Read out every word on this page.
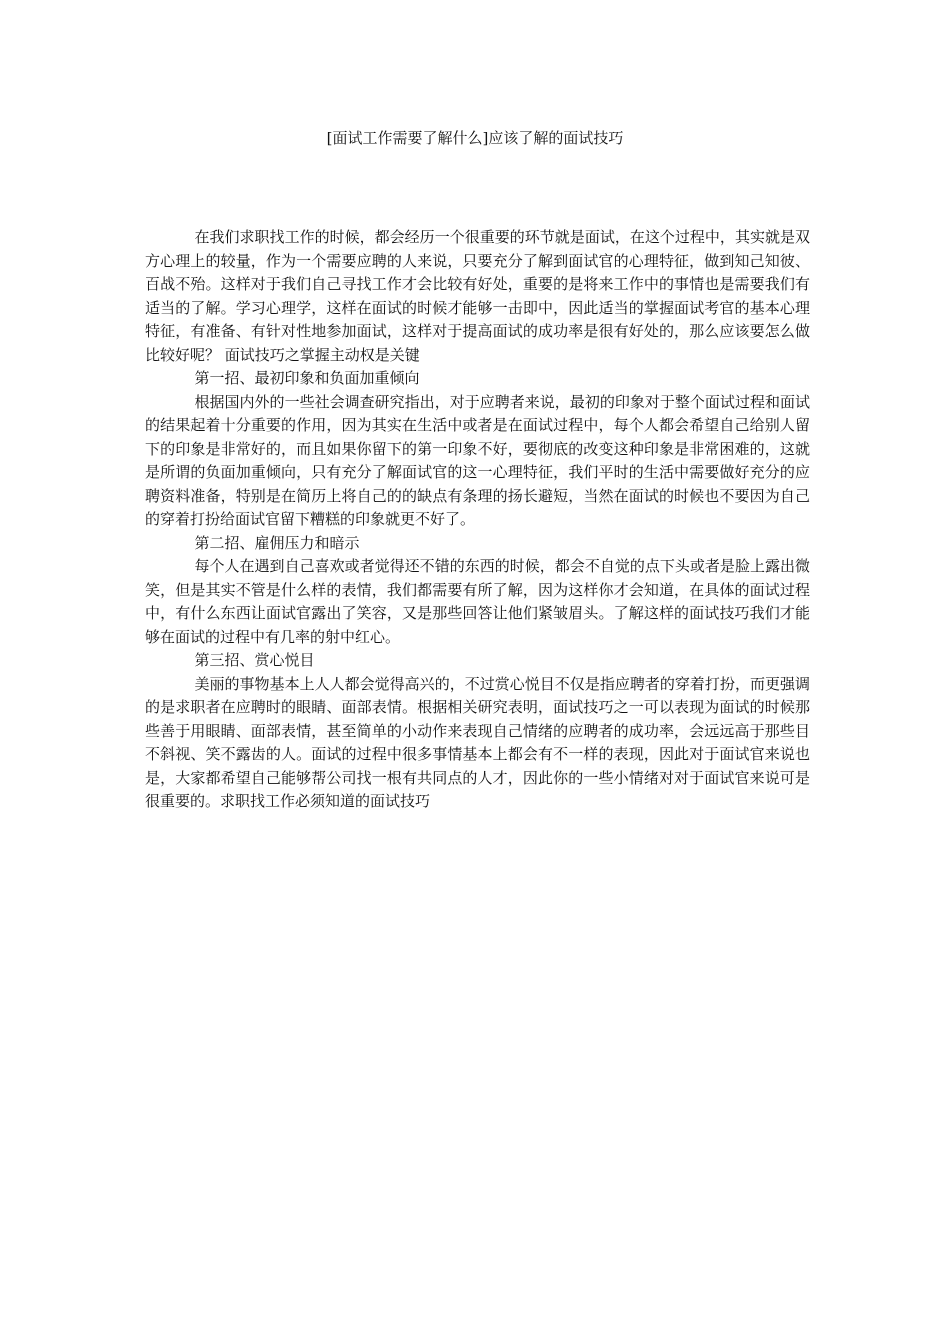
[面试工作需要了解什么]应该了解的面试技巧

在我们求职找工作的时候，都会经历一个很重要的环节就是面试，在这个过程中，其实就是双方心理上的较量，作为一个需要应聘的人来说，只要充分了解到面试官的心理特征，做到知己知彼、百战不殆。这样对于我们自己寻找工作才会比较有好处，重要的是将来工作中的事情也是需要我们有适当的了解。学习心理学，这样在面试的时候才能够一击即中，因此适当的掌握面试考官的基本心理特征，有准备、有针对性地参加面试，这样对于提高面试的成功率是很有好处的，那么应该要怎么做比较好呢？ 面试技巧之掌握主动权是关键

第一招、最初印象和负面加重倾向

根据国内外的一些社会调查研究指出，对于应聘者来说，最初的印象对于整个面试过程和面试的结果起着十分重要的作用，因为其实在生活中或者是在面试过程中，每个人都会希望自己给别人留下的印象是非常好的，而且如果你留下的第一印象不好，要彻底的改变这种印象是非常困难的，这就是所谓的负面加重倾向，只有充分了解面试官的这一心理特征，我们平时的生活中需要做好充分的应聘资料准备，特别是在简历上将自己的的缺点有条理的扬长避短，当然在面试的时候也不要因为自己的穿着打扮给面试官留下糟糕的印象就更不好了。

第二招、雇佣压力和暗示

每个人在遇到自己喜欢或者觉得还不错的东西的时候，都会不自觉的点下头或者是脸上露出微笑，但是其实不管是什么样的表情，我们都需要有所了解，因为这样你才会知道，在具体的面试过程中，有什么东西让面试官露出了笑容，又是那些回答让他们紧皱眉头。了解这样的面试技巧我们才能够在面试的过程中有几率的射中红心。

第三招、赏心悦目

美丽的事物基本上人人都会觉得高兴的，不过赏心悦目不仅是指应聘者的穿着打扮，而更强调的是求职者在应聘时的眼睛、面部表情。根据相关研究表明，面试技巧之一可以表现为面试的时候那些善于用眼睛、面部表情，甚至简单的小动作来表现自己情绪的应聘者的成功率，会远远高于那些目不斜视、笑不露齿的人。面试的过程中很多事情基本上都会有不一样的表现，因此对于面试官来说也是，大家都希望自己能够帮公司找一根有共同点的人才，因此你的一些小情绪对对于面试官来说可是很重要的。求职找工作必须知道的面试技巧
